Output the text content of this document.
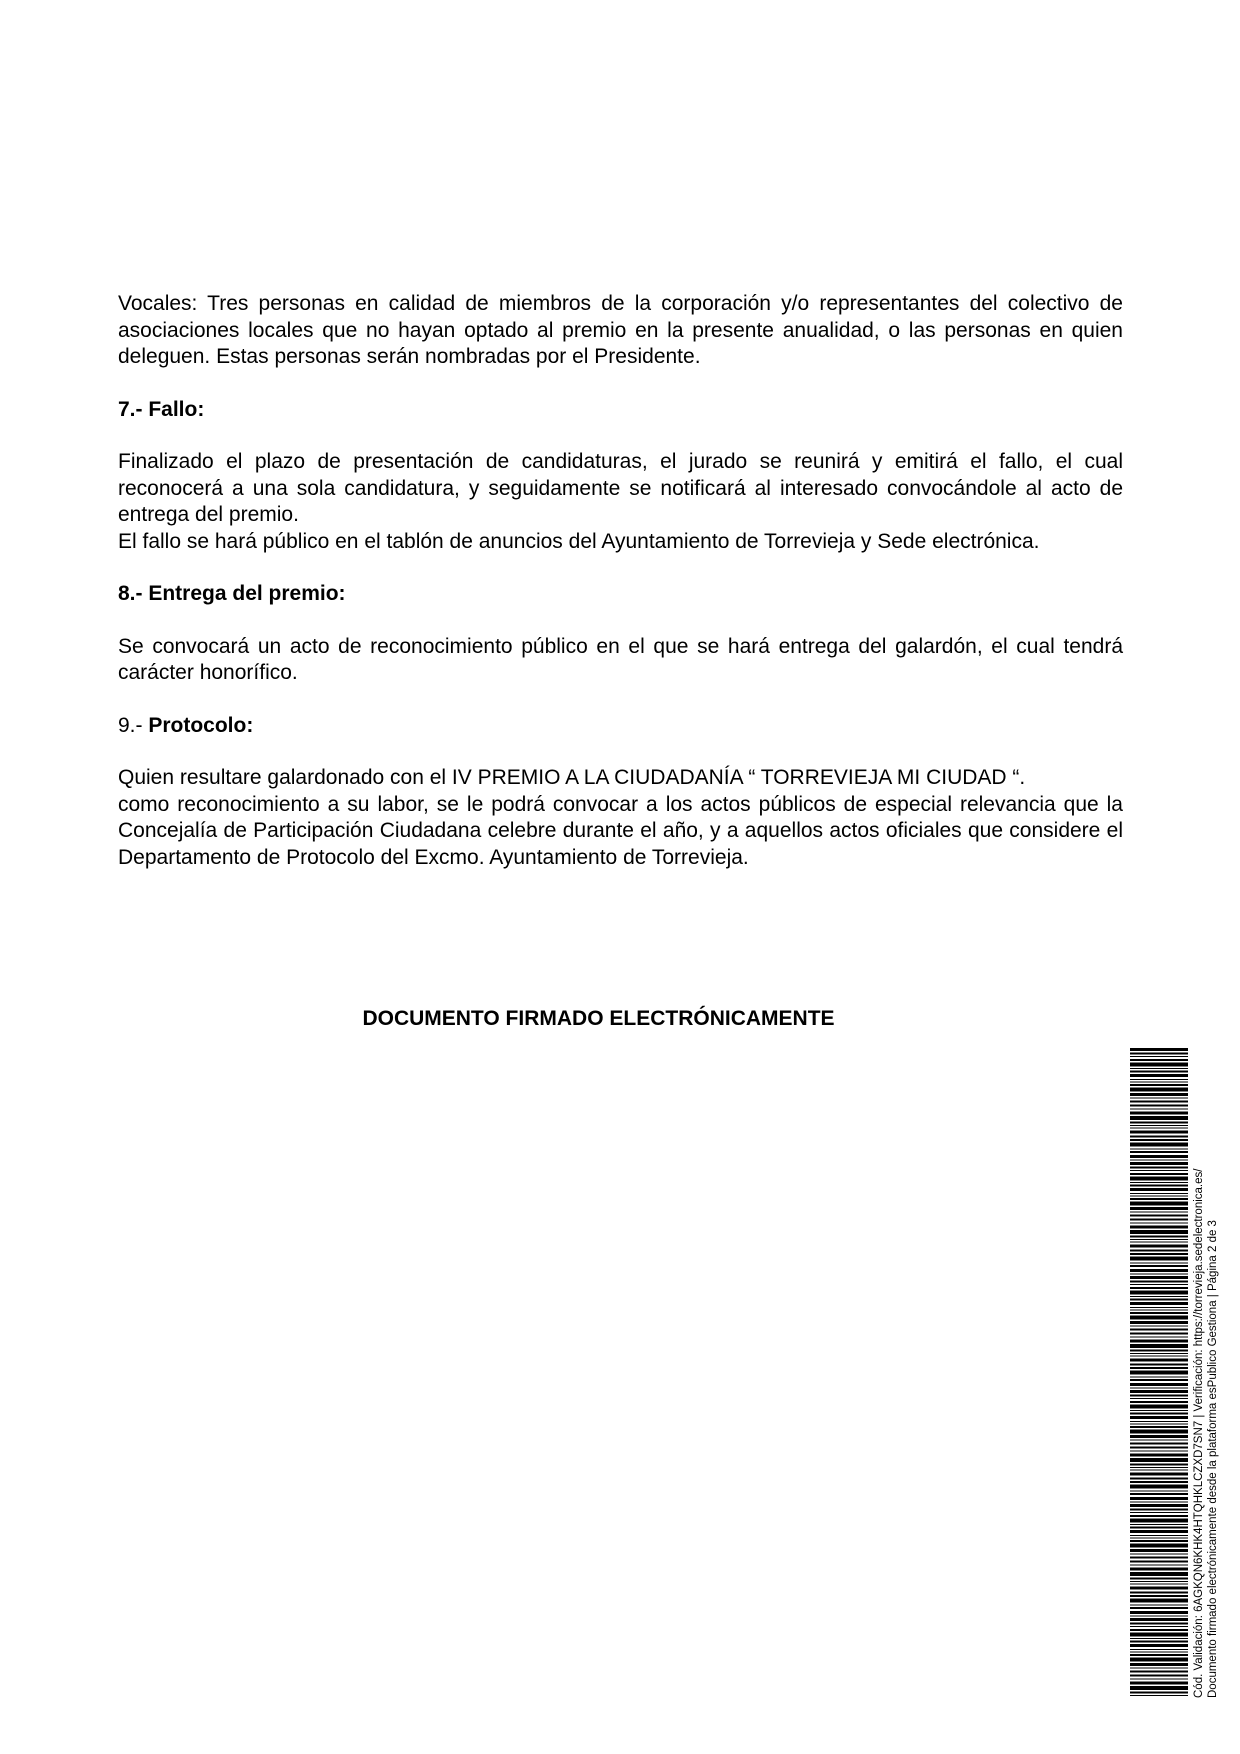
Vocales: Tres personas en calidad de miembros de la corporación y/o representantes del colectivo de asociaciones locales que no hayan optado al premio en la presente anualidad, o las personas en quien deleguen. Estas personas serán nombradas por el Presidente.

7.- Fallo:

Finalizado el plazo de presentación de candidaturas, el jurado se reunirá y emitirá el fallo, el cual reconocerá a una sola candidatura, y seguidamente se notificará al interesado convocándole al acto de entrega del premio.

El fallo se hará público en el tablón de anuncios del Ayuntamiento de Torrevieja y Sede electrónica.

8.- Entrega del premio:

Se convocará un acto de reconocimiento público en el que se hará entrega del galardón, el cual tendrá carácter honorífico.

9.- Protocolo:

Quien resultare galardonado con el IV PREMIO A LA CIUDADANÍA “ TORREVIEJA MI CIUDAD “.

como reconocimiento a su labor, se le podrá convocar a los actos públicos de especial relevancia que la Concejalía de Participación Ciudadana celebre durante el año, y a aquellos actos oficiales que considere el Departamento de Protocolo del Excmo. Ayuntamiento de Torrevieja.

DOCUMENTO FIRMADO ELECTRÓNICAMENTE
Cód. Validación: 6AGKQN6KHK4HTQHKLCZXD7SN7 | Verificación: https://torrevieja.sedelectronica.es/ Documento firmado electrónicamente desde la plataforma esPublico Gestiona | Página 2 de 3
